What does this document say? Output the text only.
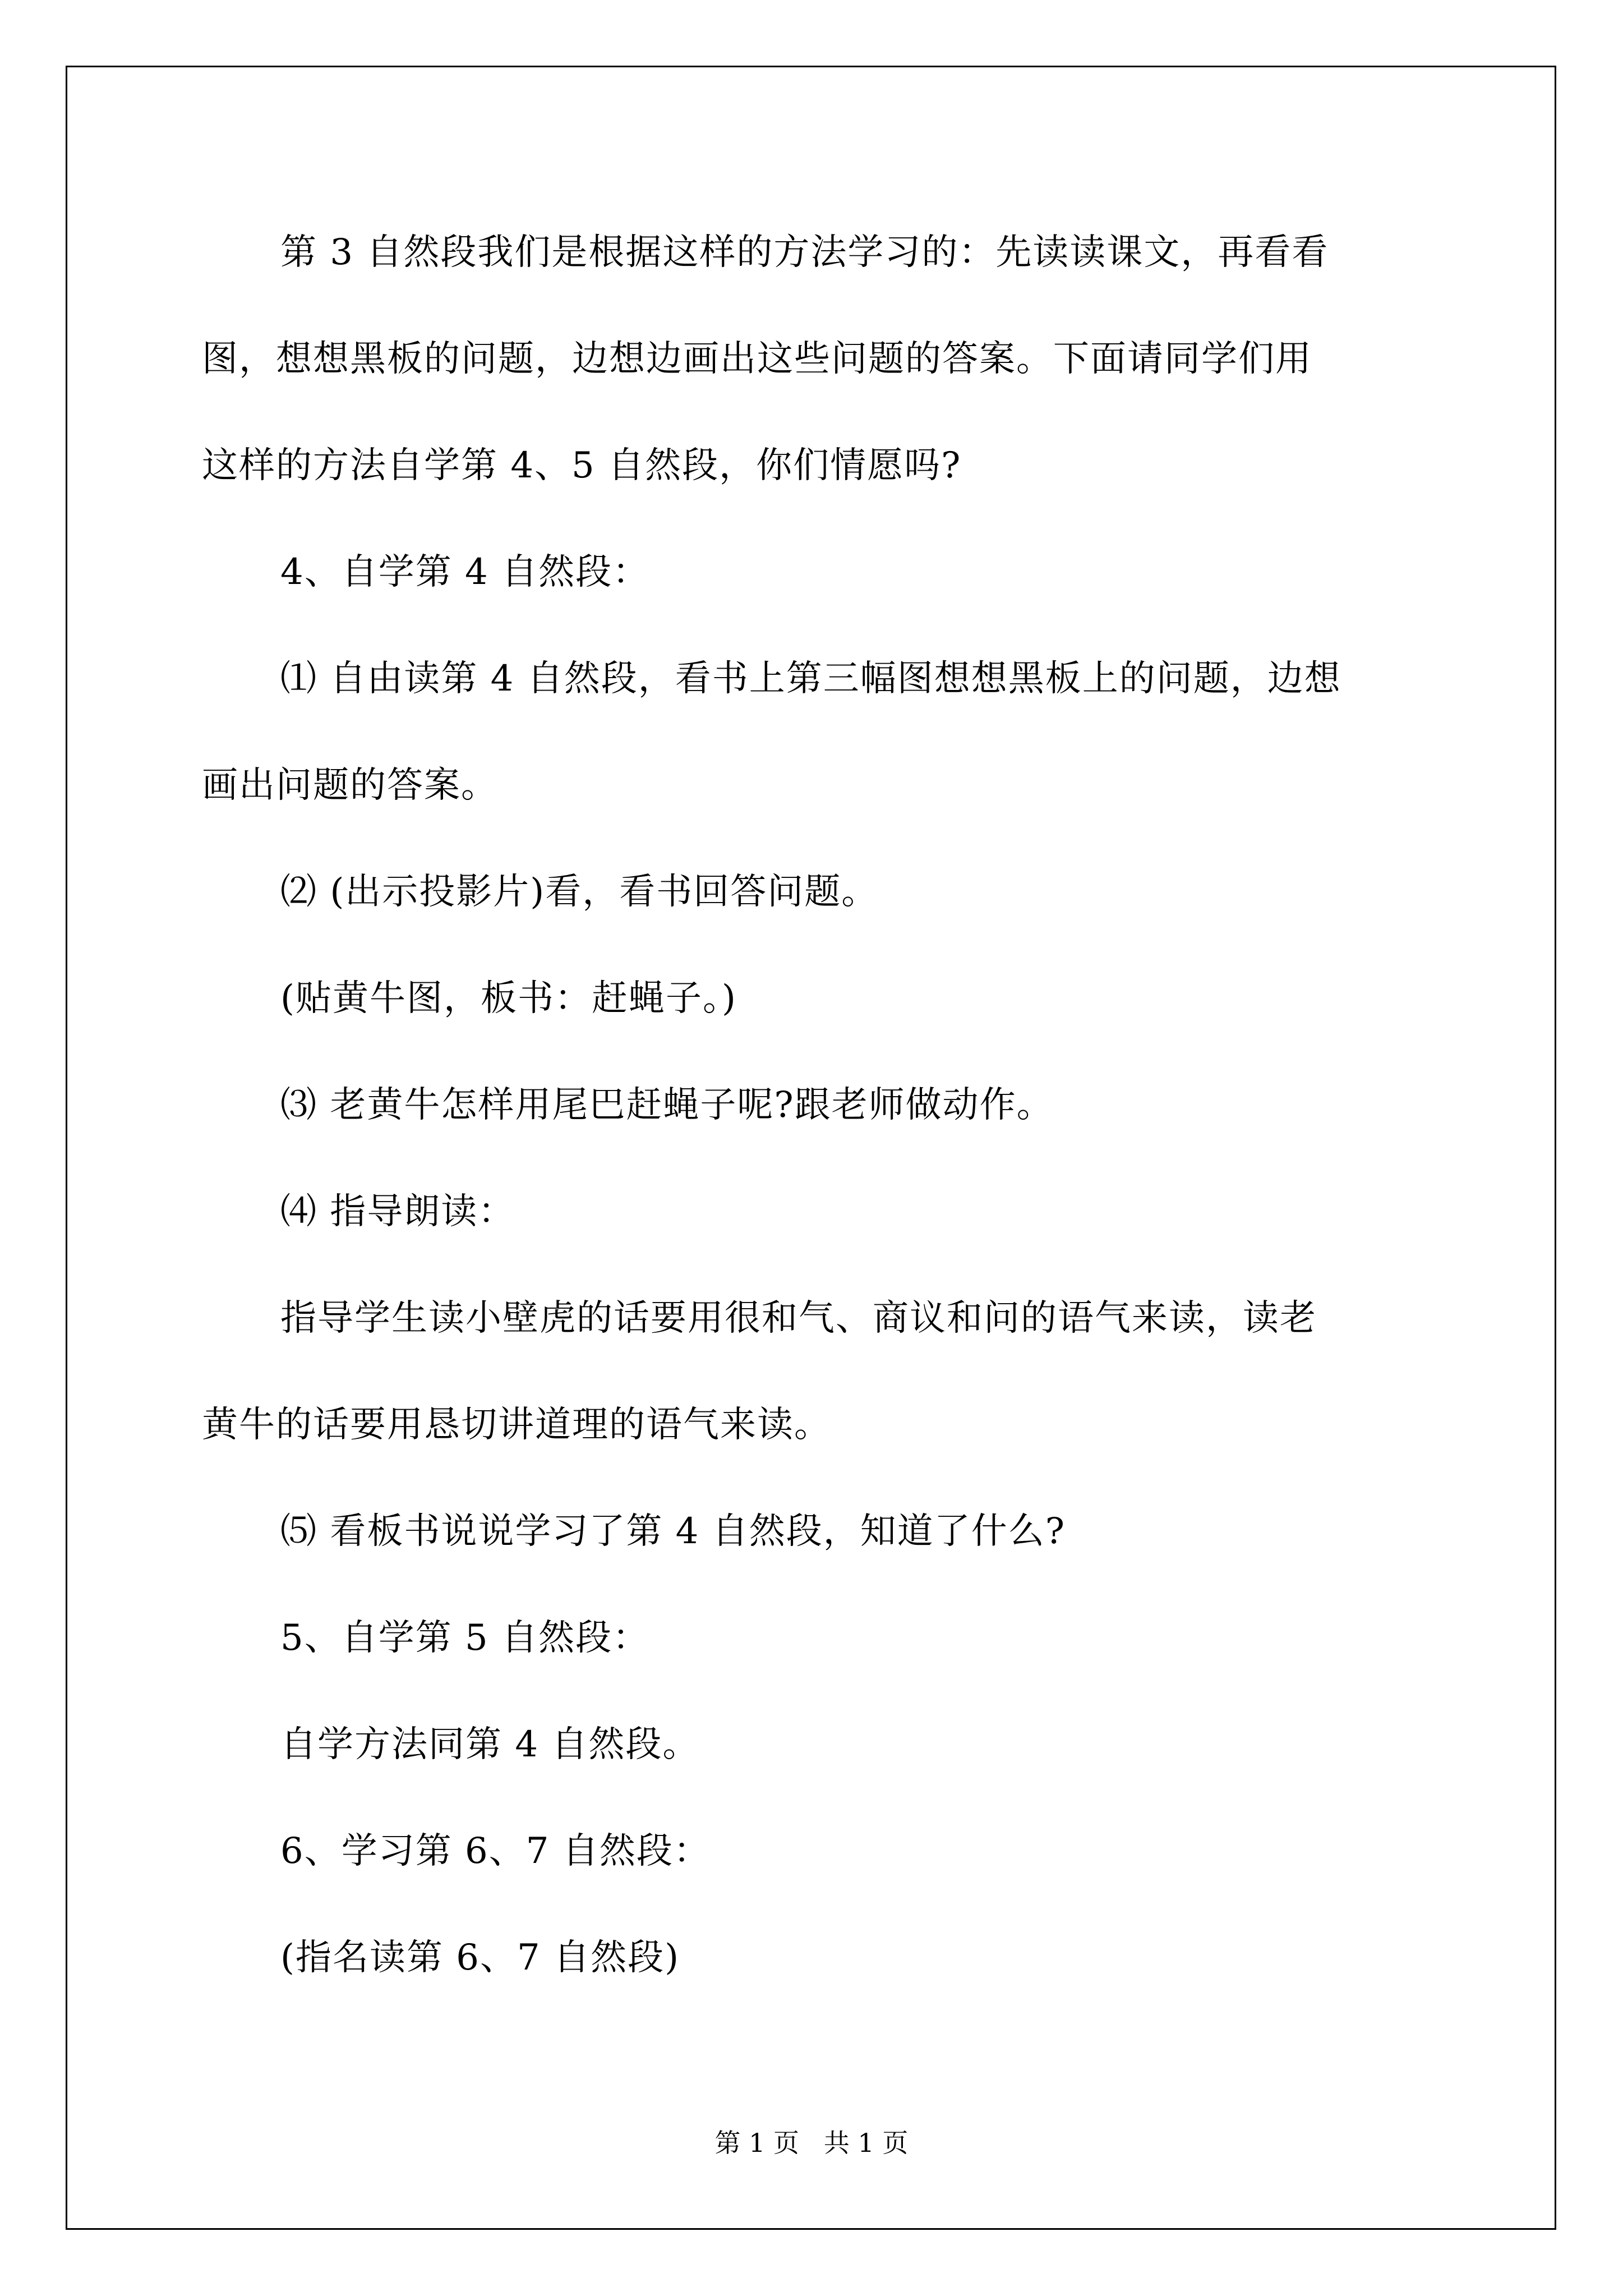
第 3 自然段我们是根据这样的方法学习的：先读读课文，再看看
图，想想黑板的问题，边想边画出这些问题的答案。下面请同学们用
这样的方法自学第 4、5 自然段，你们情愿吗?
4、自学第 4 自然段：
⑴ 自由读第 4 自然段，看书上第三幅图想想黑板上的问题，边想
画出问题的答案。
⑵ (出示投影片)看，看书回答问题。
(贴黄牛图，板书：赶蝇子。)
⑶ 老黄牛怎样用尾巴赶蝇子呢?跟老师做动作。
⑷ 指导朗读：
指导学生读小壁虎的话要用很和气、商议和问的语气来读，读老
黄牛的话要用恳切讲道理的语气来读。
⑸ 看板书说说学习了第 4 自然段，知道了什么?
5、自学第 5 自然段：
自学方法同第 4 自然段。
6、学习第 6、7 自然段：
(指名读第 6、7 自然段)
第 1 页   共 1 页
